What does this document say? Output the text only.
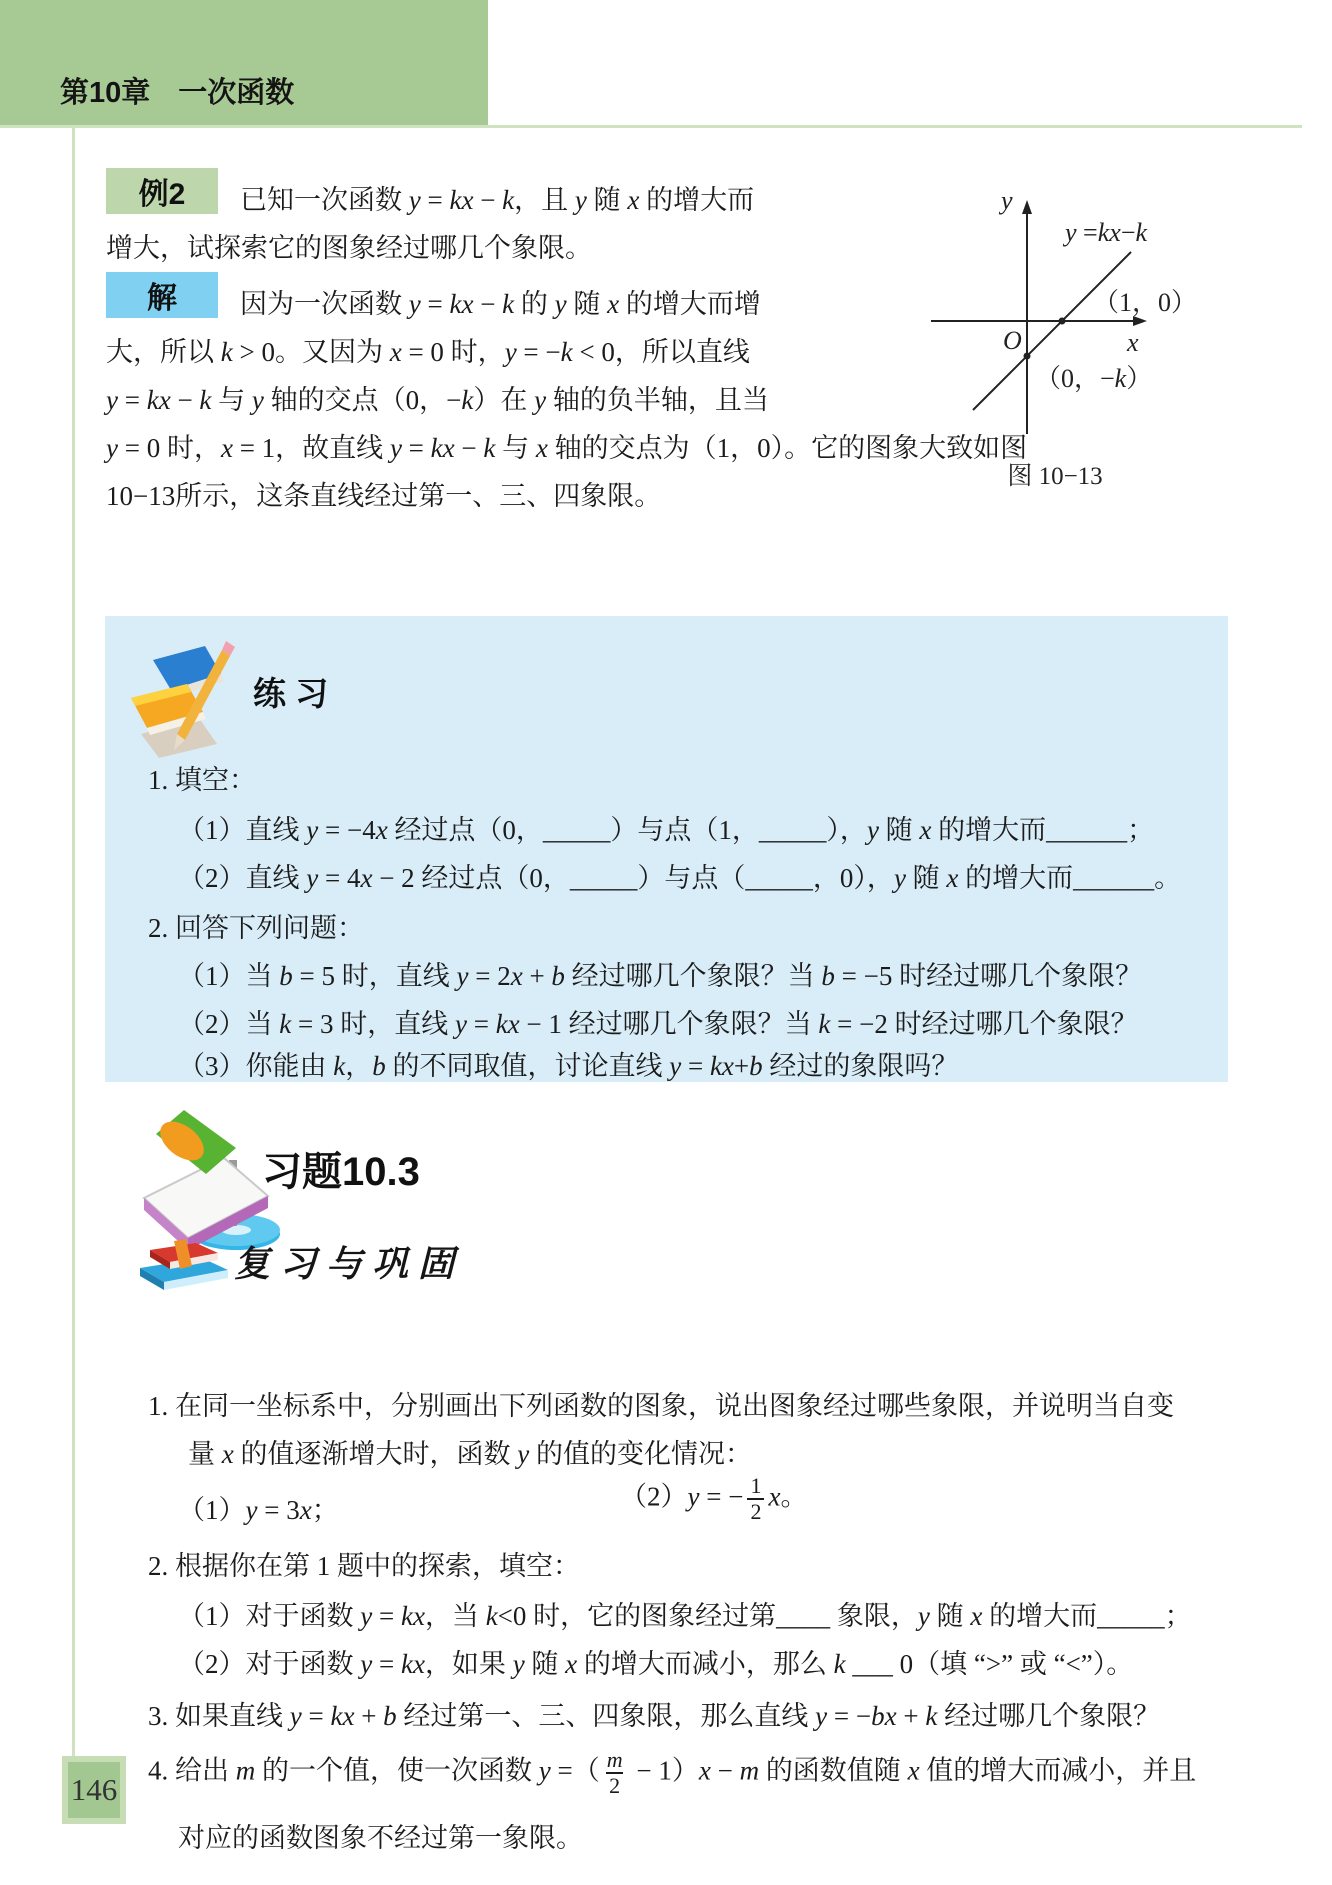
第10章 一次函数
例2	已知一次函数 y = kx − k，且 y 随 x 的增大而
增大，试探索它的图象经过哪几个象限。
解	因为一次函数 y = kx − k 的 y 随 x 的增大而增
大，所以 k > 0。又因为 x = 0 时，y = −k < 0，所以直线
y = kx − k 与 y 轴的交点（0，−k）在 y 轴的负半轴，且当
y = 0 时，x = 1，故直线 y = kx − k 与 x 轴的交点为（1，0）。它的图象大致如图
10−13所示，这条直线经过第一、三、四象限。
y
x
O
y =kx−k
（1，0）
（0，−k）
图 10−13
练 习
1. 填空：
（1）直线 y = −4x 经过点（0，_____）与点（1，_____），y 随 x 的增大而______；
（2）直线 y = 4x − 2 经过点（0，_____）与点（_____，0），y 随 x 的增大而______。
2. 回答下列问题：
（1）当 b = 5 时，直线 y = 2x + b 经过哪几个象限？当 b = −5 时经过哪几个象限？
（2）当 k = 3 时，直线 y = kx − 1 经过哪几个象限？当 k = −2 时经过哪几个象限？
（3）你能由 k，b 的不同取值，讨论直线 y = kx+b 经过的象限吗？
习题10.3
复习与巩固
1. 在同一坐标系中，分别画出下列函数的图象，说出图象经过哪些象限，并说明当自变
量 x 的值逐渐增大时，函数 y 的值的变化情况：
（1）y = 3x；	（2）y = − $\frac{1}{2}$ x。
2. 根据你在第 1 题中的探索，填空：
（1）对于函数 y = kx，当 k<0 时，它的图象经过第____ 象限，y 随 x 的增大而_____；
（2）对于函数 y = kx，如果 y 随 x 的增大而减小，那么 k ___ 0（填 “>” 或 “<”）。
3. 如果直线 y = kx + b 经过第一、三、四象限，那么直线 y = −bx + k 经过哪几个象限？
4. 给出 m 的一个值，使一次函数 y =（ $\frac{m}{2} - 1)x - m$ 的函数值随 x 值的增大而减小，并且
对应的函数图象不经过第一象限。
146
